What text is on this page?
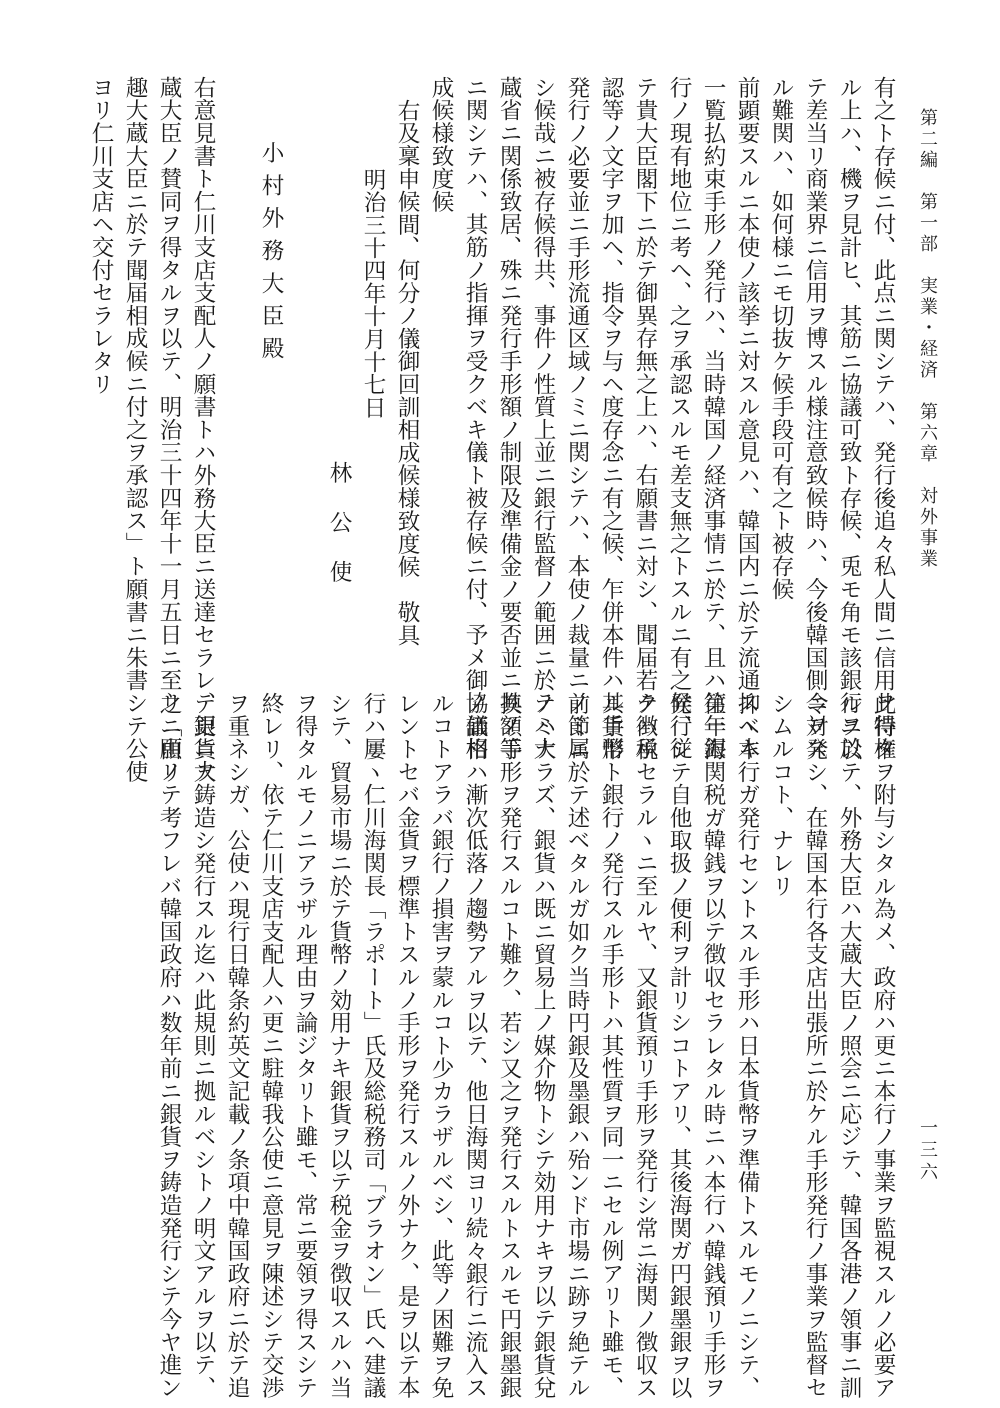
第二編　第一部　実業・経済　第六章　対外事業
一三六
有之ト存候ニ付、此点ニ関シテハ、発行後追々私人間ニ信用ヲ得タ
ル上ハ、機ヲ見計ヒ、其筋ニ協議可致ト存候、兎モ角モ該銀行ニ於
テ差当リ商業界ニ信用ヲ博スル様注意致候時ハ、今後韓国側ニ対ス
ル難関ハ、如何様ニモ切抜ケ候手段可有之ト被存候
前顕要スルニ本使ノ該挙ニ対スル意見ハ、韓国内ニ於テ流通スベキ
一覧払約束手形ノ発行ハ、当時韓国ノ経済事情ニ於テ、且ハ第一銀
行ノ現有地位ニ考ヘ、之ヲ承認スルモ差支無之トスルニ有之候、従
テ貴大臣閣下ニ於テ御異存無之上ハ、右願書ニ対シ、聞届若クハ承
認等ノ文字ヲ加ヘ、指令ヲ与ヘ度存念ニ有之候、乍併本件ハ其手形
発行ノ必要並ニ手形流通区域ノミニ関シテハ、本使ノ裁量ニノミ属
シ候哉ニ被存候得共、事件ノ性質上並ニ銀行監督ノ範囲ニ於テハ大
蔵省ニ関係致居、殊ニ発行手形額ノ制限及準備金ノ要否並ニ其額等
ニ関シテハ、其筋ノ指揮ヲ受クベキ儀ト被存候ニ付、予メ御協議相
成候様致度候
右及稟申候間、何分ノ儀御回訓相成候様致度候　敬具
明治三十四年十月十七日
林公使
小村外務大臣殿
右意見書ト仁川支店支配人ノ願書トハ外務大臣ニ送達セラレ、更ニ大
蔵大臣ノ賛同ヲ得タルヲ以テ、明治三十四年十一月五日ニ至リ「願ノ
趣大蔵大臣ニ於テ聞届相成候ニ付之ヲ承認ス」ト願書ニ朱書シテ公使
ヨリ仁川支店ヘ交付セラレタリ
此特権ヲ附与シタル為メ、政府ハ更ニ本行ノ事業ヲ監視スルノ必要ア
ルヲ以テ、外務大臣ハ大蔵大臣ノ照会ニ応ジテ、韓国各港ノ領事ニ訓
令ヲ発シ、在韓国本行各支店出張所ニ於ケル手形発行ノ事業ヲ監督セ
シムルコト、ナレリ
抑ヽ本行ガ発行セントスル手形ハ日本貨幣ヲ準備トスルモノニシテ、
往年海関税ガ韓銭ヲ以テ徴収セラレタル時ニハ本行ハ韓銭預リ手形ヲ
発行シテ自他取扱ノ便利ヲ計リシコトアリ、其後海関ガ円銀墨銀ヲ以
テ徴税セラルヽニ至ルヤ、又銀貨預リ手形ヲ発行シ常ニ海関ノ徴収ス
ル貨幣ト銀行ノ発行スル手形トハ其性質ヲ同一ニセル例アリト雖モ、
前節ニ於テ述ベタルガ如ク当時円銀及墨銀ハ殆ンド市場ニ跡ヲ絶テル
ノミナラズ、銀貨ハ既ニ貿易上ノ媒介物トシテ効用ナキヲ以テ銀貨兌
換ノ手形ヲ発行スルコト難ク、若シ又之ヲ発行スルトスルモ円銀墨銀
ノ価格ハ漸次低落ノ趨勢アルヲ以テ、他日海関ヨリ続々銀行ニ流入ス
ルコトアラバ銀行ノ損害ヲ蒙ルコト少カラザルベシ、此等ノ困難ヲ免
レントセバ金貨ヲ標準トスルノ手形ヲ発行スルノ外ナク、是ヲ以テ本
行ハ屢ヽ仁川海関長「ラポート」氏及総税務司「ブラオン」氏ヘ建議
シテ、貿易市場ニ於テ貨幣ノ効用ナキ銀貨ヲ以テ税金ヲ徴収スルハ当
ヲ得タルモノニアラザル理由ヲ論ジタリト雖モ、常ニ要領ヲ得スシテ
終レリ、依テ仁川支店支配人ハ更ニ駐韓我公使ニ意見ヲ陳述シテ交渉
ヲ重ネシガ、公使ハ現行日韓条約英文記載ノ条項中韓国政府ニ於テ追
テ銀貨ヲ鋳造シ発行スル迄ハ此規則ニ拠ルベシトノ明文アルヲ以テ、
之ニ由リテ考フレバ韓国政府ハ数年前ニ銀貨ヲ鋳造発行シテ今ヤ進ン
